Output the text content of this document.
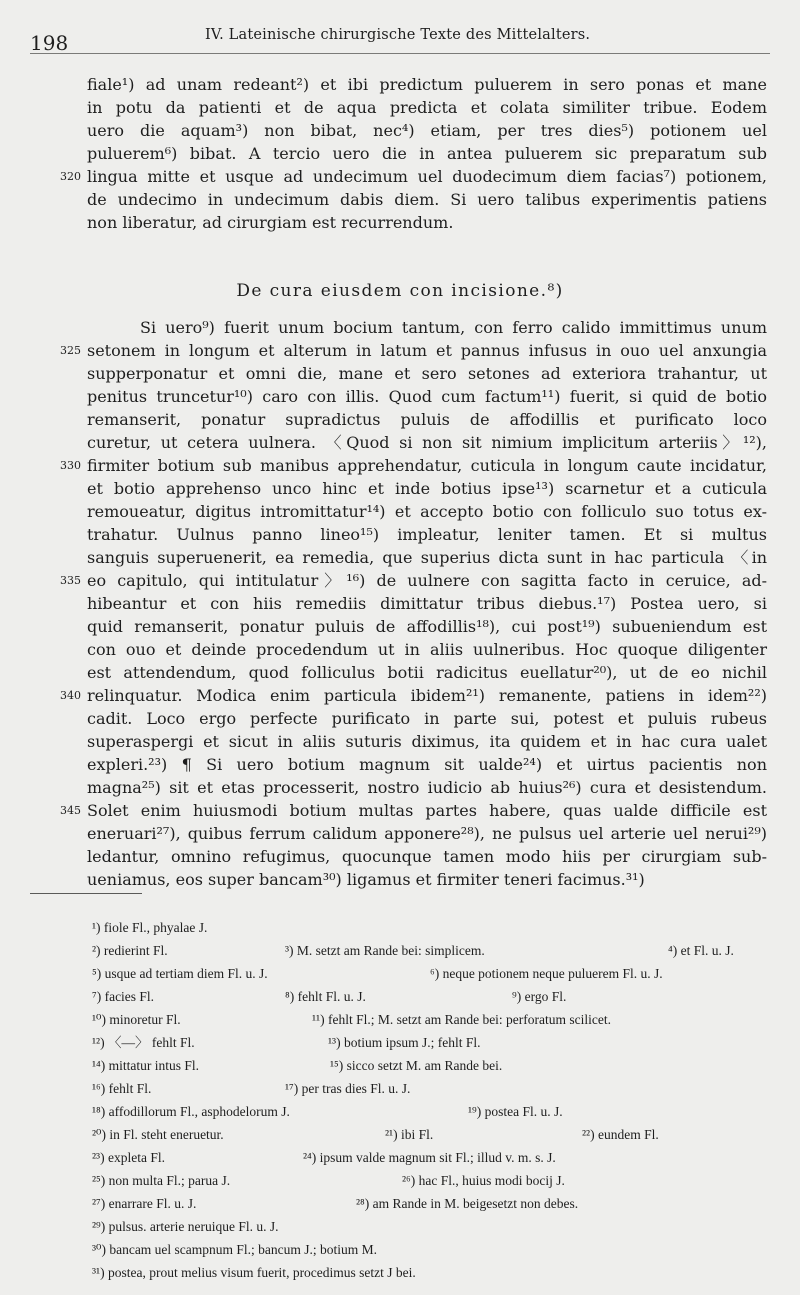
198	IV. Lateinische chirurgische Texte des Mittelalters.
fiale¹) ad unam redeant²) et ibi predictum puluerem in sero ponas et mane
in potu da patienti et de aqua predicta et colata similiter tribue. Eodem
uero die aquam³) non bibat, nec⁴) etiam, per tres dies⁵) potionem uel
puluerem⁶) bibat. A tercio uero die in antea puluerem sic preparatum sub
lingua mitte et usque ad undecimum uel duodecimum diem facias⁷) potionem,
de undecimo in undecimum dabis diem. Si uero talibus experimentis patiens
non liberatur, ad cirurgiam est recurrendum.
320
De cura eiusdem con incisione.⁸)
Si uero⁹) fuerit unum bocium tantum, con ferro calido immittimus unum
setonem in longum et alterum in latum et pannus infusus in ouo uel anxungia
supperponatur et omni die, mane et sero setones ad exteriora trahantur, ut
penitus truncetur¹⁰) caro con illis. Quod cum factum¹¹) fuerit, si quid de botio
remanserit, ponatur supradictus puluis de affodillis et purificato loco
curetur, ut cetera uulnera. 〈Quod si non sit nimium implicitum arteriis〉¹²),
firmiter botium sub manibus apprehendatur, cuticula in longum caute incidatur,
et botio apprehenso unco hinc et inde botius ipse¹³) scarnetur et a cuticula
remoueatur, digitus intromittatur¹⁴) et accepto botio con folliculo suo totus ex-
trahatur. Uulnus panno lineo¹⁵) impleatur, leniter tamen. Et si multus
sanguis superuenerit, ea remedia, que superius dicta sunt in hac particula 〈in
eo capitulo, qui intitulatur〉¹⁶) de uulnere con sagitta facto in ceruice, ad-
hibeantur et con hiis remediis dimittatur tribus diebus.¹⁷) Postea uero, si
quid remanserit, ponatur puluis de affodillis¹⁸), cui post¹⁹) subueniendum est
con ouo et deinde procedendum ut in aliis uulneribus. Hoc quoque diligenter
est attendendum, quod folliculus botii radicitus euellatur²⁰), ut de eo nichil
relinquatur. Modica enim particula ibidem²¹) remanente, patiens in idem²²)
cadit. Loco ergo perfecte purificato in parte sui, potest et puluis rubeus
superaspergi et sicut in aliis suturis diximus, ita quidem et in hac cura ualet
expleri.²³) ¶ Si uero botium magnum sit ualde²⁴) et uirtus pacientis non
magna²⁵) sit et etas processerit, nostro iudicio ab huius²⁶) cura et desistendum.
Solet enim huiusmodi botium multas partes habere, quas ualde difficile est
eneruari²⁷), quibus ferrum calidum apponere²⁸), ne pulsus uel arterie uel nerui²⁹)
ledantur, omnino refugimus, quocunque tamen modo hiis per cirurgiam sub-
ueniamus, eos super bancam³⁰) ligamus et firmiter teneri facimus.³¹)
325
330
335
340
345
¹) fiole Fl., phyalae J.
²) redierint Fl.	³) M. setzt am Rande bei: simplicem.	⁴) et Fl. u. J.
⁵) usque ad tertiam diem Fl. u. J.	⁶) neque potionem neque puluerem Fl. u. J.
⁷) facies Fl.	⁸) fehlt Fl. u. J.	⁹) ergo Fl.
¹⁰) minoretur Fl.	¹¹) fehlt Fl.; M. setzt am Rande bei: perforatum scilicet.
¹²) 〈—〉 fehlt Fl.	¹³) botium ipsum J.; fehlt Fl.
¹⁴) mittatur intus Fl.	¹⁵) sicco setzt M. am Rande bei.
¹⁶) fehlt Fl.	¹⁷) per tras dies Fl. u. J.
¹⁸) affodillorum Fl., asphodelorum J.	¹⁹) postea Fl. u. J.
²⁰) in Fl. steht eneruetur.	²¹) ibi Fl.	²²) eundem Fl.
²³) expleta Fl.	²⁴) ipsum valde magnum sit Fl.; illud v. m. s. J.
²⁵) non multa Fl.; parua J.	²⁶) hac Fl., huius modi bocij J.
²⁷) enarrare Fl. u. J.	²⁸) am Rande in M. beigesetzt non debes.
²⁹) pulsus. arterie neruique Fl. u. J.
³⁰) bancam uel scampnum Fl.; bancum J.; botium M.
³¹) postea, prout melius visum fuerit, procedimus setzt J bei.
